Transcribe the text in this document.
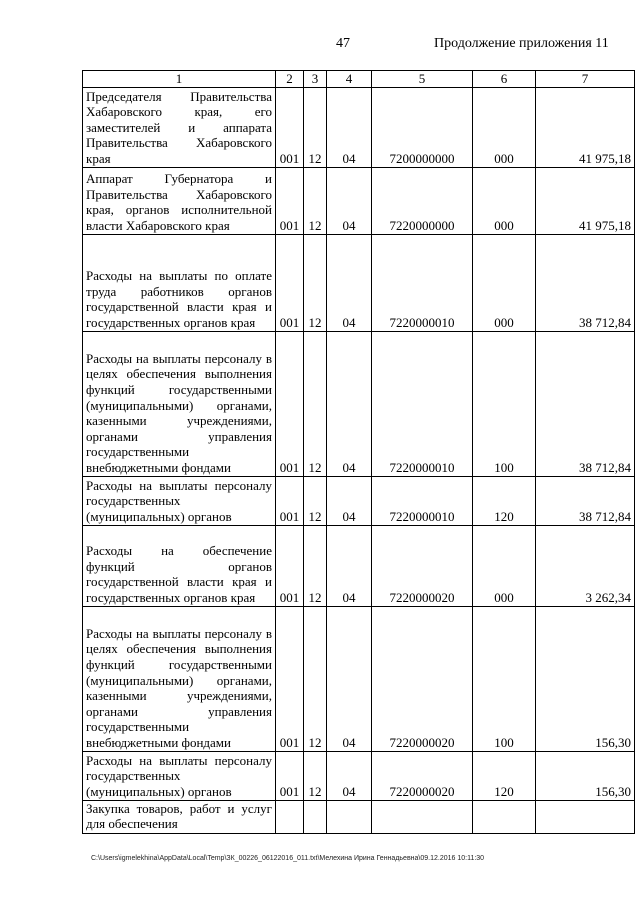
47	Продолжение приложения 11
1	2	3	4	5	6	7
Председателя Правительства Хабаровского края, его заместителей и аппарата Правительства Хабаровского края	001	12	04	7200000000	000	41 975,18
Аппарат Губернатора и Правительства Хабаровского края, органов исполнительной власти Хабаровского края	001	12	04	7220000000	000	41 975,18
Расходы на выплаты по оплате труда работников органов государственной власти края и государственных органов края	001	12	04	7220000010	000	38 712,84
Расходы на выплаты персоналу в целях обеспечения выполнения функций государственными (муниципальными) органами, казенными учреждениями, органами управления государственными внебюджетными фондами	001	12	04	7220000010	100	38 712,84
Расходы на выплаты персоналу государственных (муниципальных) органов	001	12	04	7220000010	120	38 712,84
Расходы на обеспечение функций органов государственной власти края и государственных органов края	001	12	04	7220000020	000	3 262,34
Расходы на выплаты персоналу в целях обеспечения выполнения функций государственными (муниципальными) органами, казенными учреждениями, органами управления государственными внебюджетными фондами	001	12	04	7220000020	100	156,30
Расходы на выплаты персоналу государственных (муниципальных) органов	001	12	04	7220000020	120	156,30
Закупка товаров, работ и услуг для обеспечения						
C:\Users\igmelekhina\AppData\Local\Temp\ЗК_00226_06122016_011.txt\Мелехина Ирина Геннадьевна\09.12.2016 10:11:30
